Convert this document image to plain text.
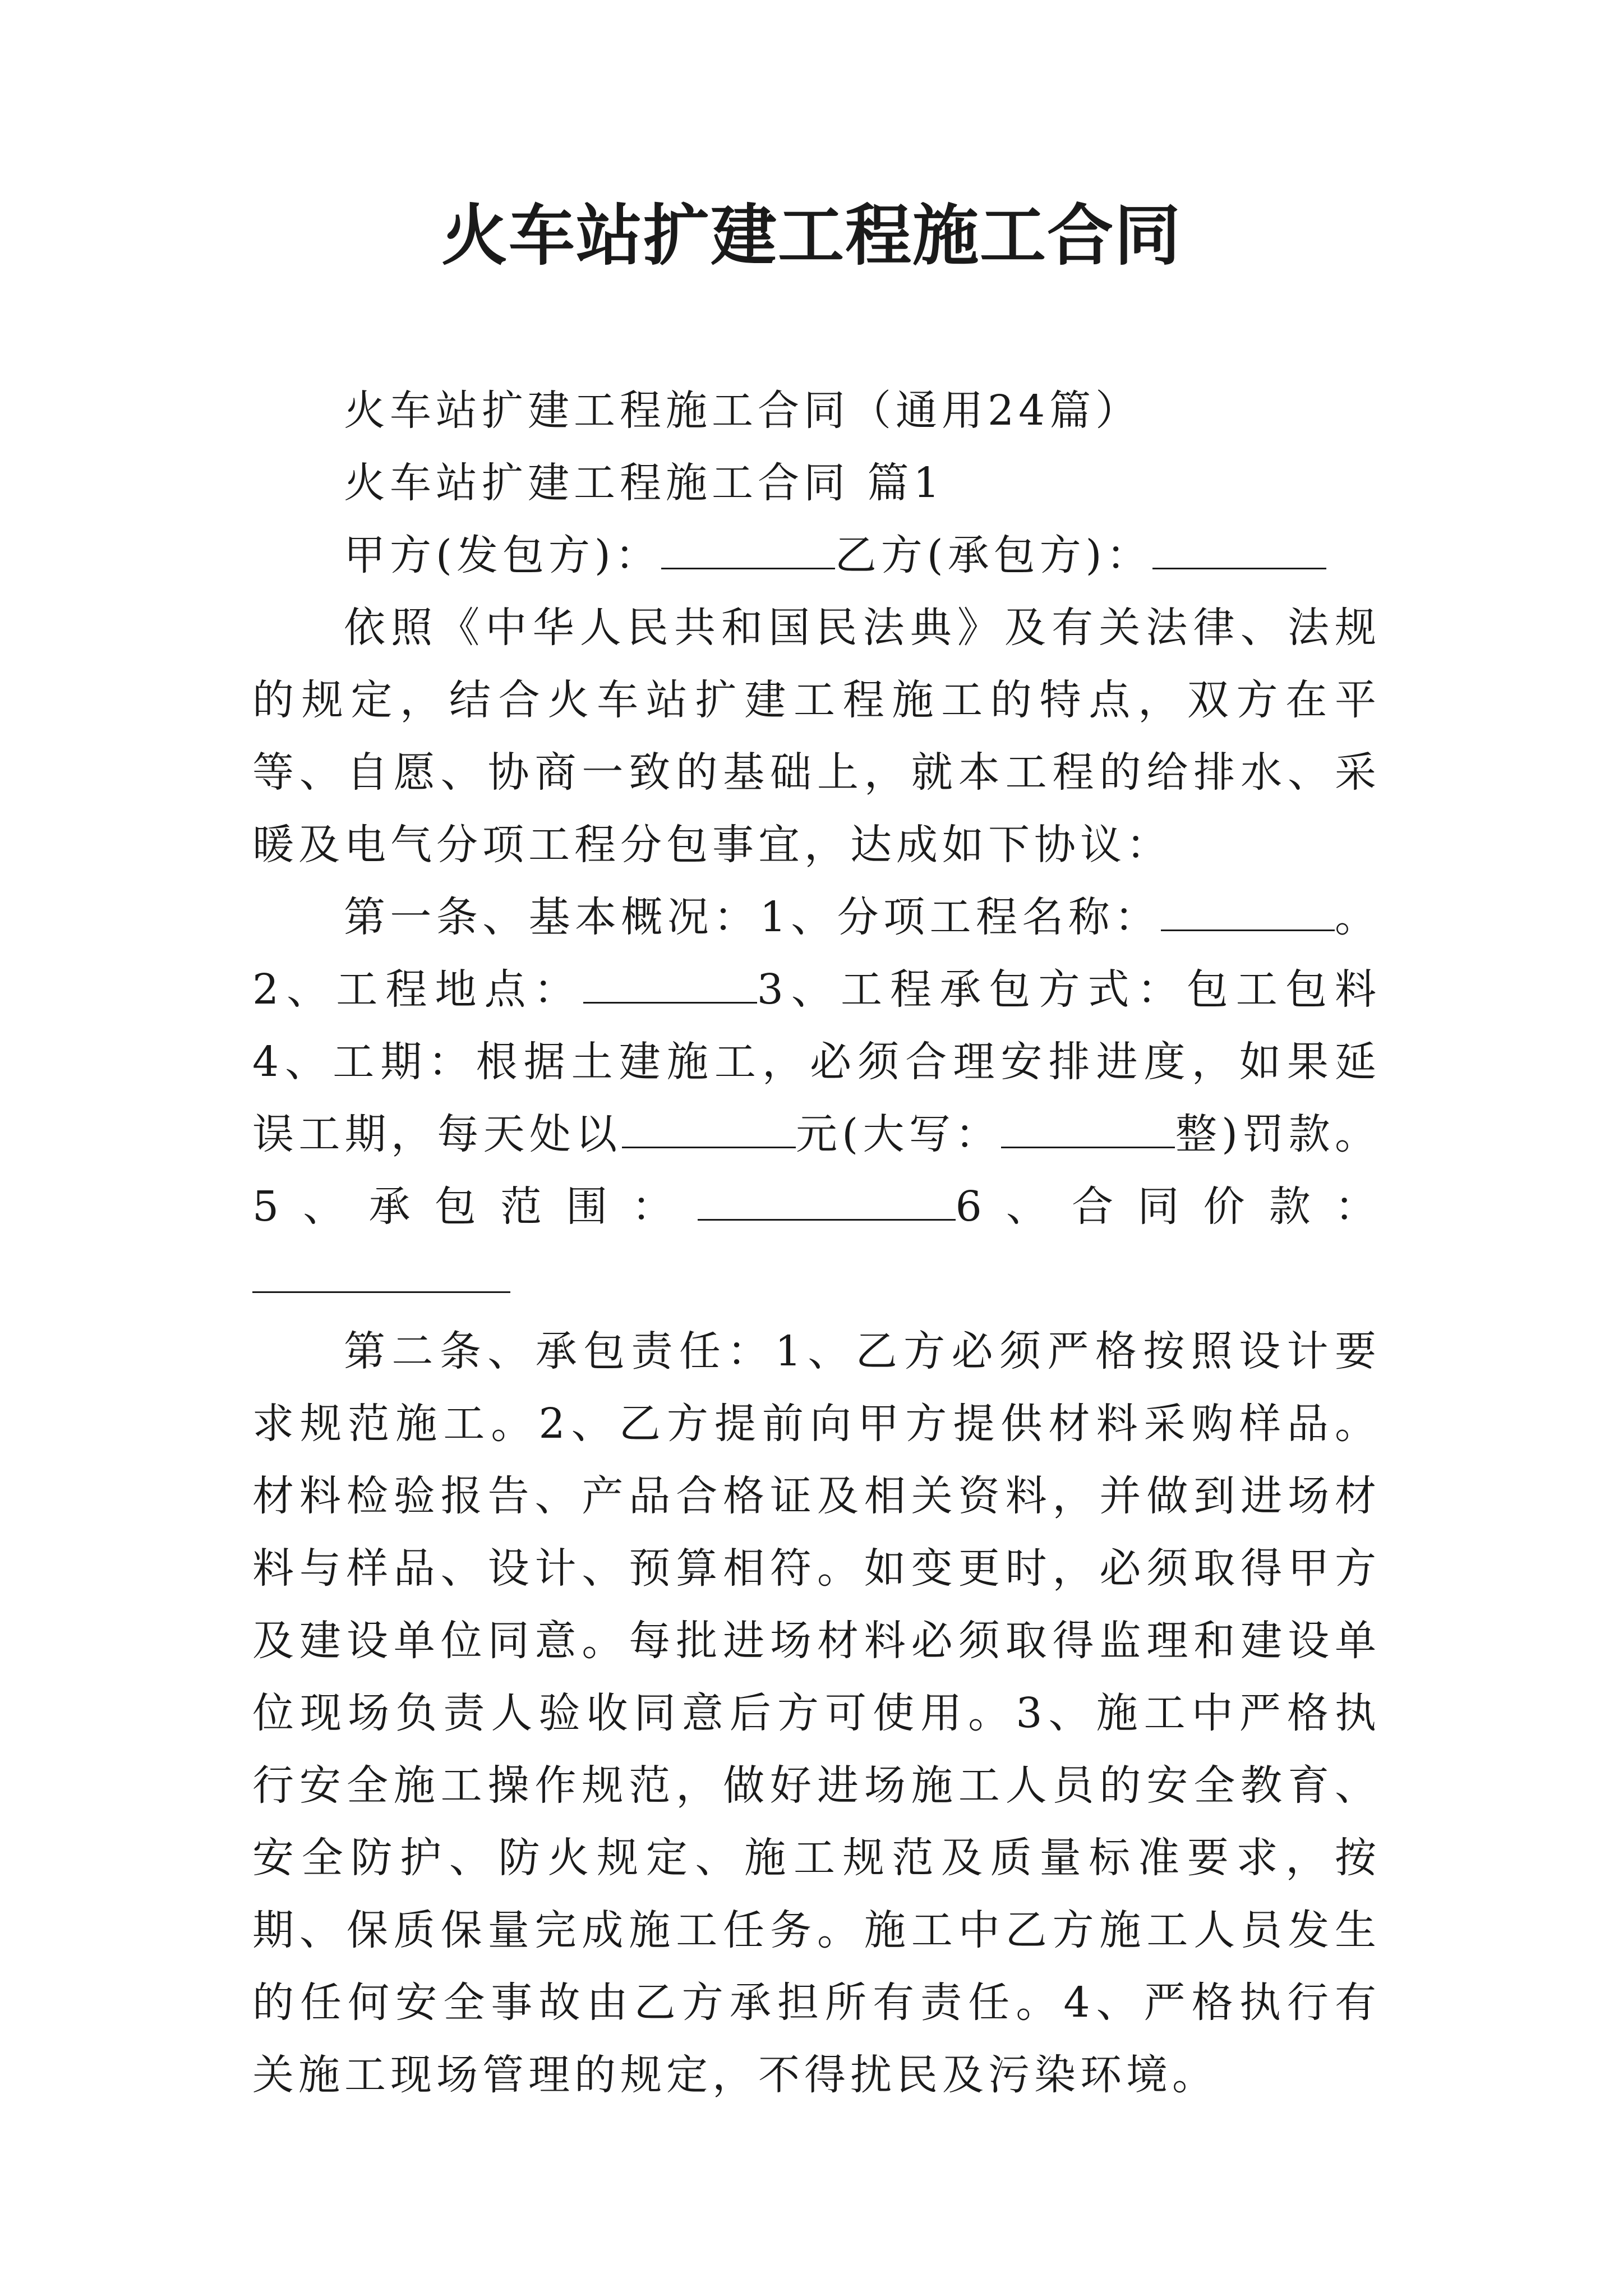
火车站扩建工程施工合同

火车站扩建工程施工合同（通用24篇）

火车站扩建工程施工合同 篇1

甲方(发包方)：	乙方(承包方)：

依照《中华人民共和国民法典》及有关法律、法规的规定，结合火车站扩建工程施工的特点，双方在平等、自愿、协商一致的基础上，就本工程的给排水、采暖及电气分项工程分包事宜，达成如下协议：

第一条、基本概况：1、分项工程名称：	。2、工程地点：	3、工程承包方式：包工包料4、工期：根据土建施工，必须合理安排进度，如果延误工期，每天处以	元(大写：	整)罚款。5、承包范围：	6、合同价款：

第二条、承包责任：1、乙方必须严格按照设计要求规范施工。2、乙方提前向甲方提供材料采购样品。材料检验报告、产品合格证及相关资料，并做到进场材料与样品、设计、预算相符。如变更时，必须取得甲方及建设单位同意。每批进场材料必须取得监理和建设单位现场负责人验收同意后方可使用。3、施工中严格执行安全施工操作规范，做好进场施工人员的安全教育、安全防护、防火规定、施工规范及质量标准要求，按期、保质保量完成施工任务。施工中乙方施工人员发生的任何安全事故由乙方承担所有责任。4、严格执行有关施工现场管理的规定，不得扰民及污染环境。
